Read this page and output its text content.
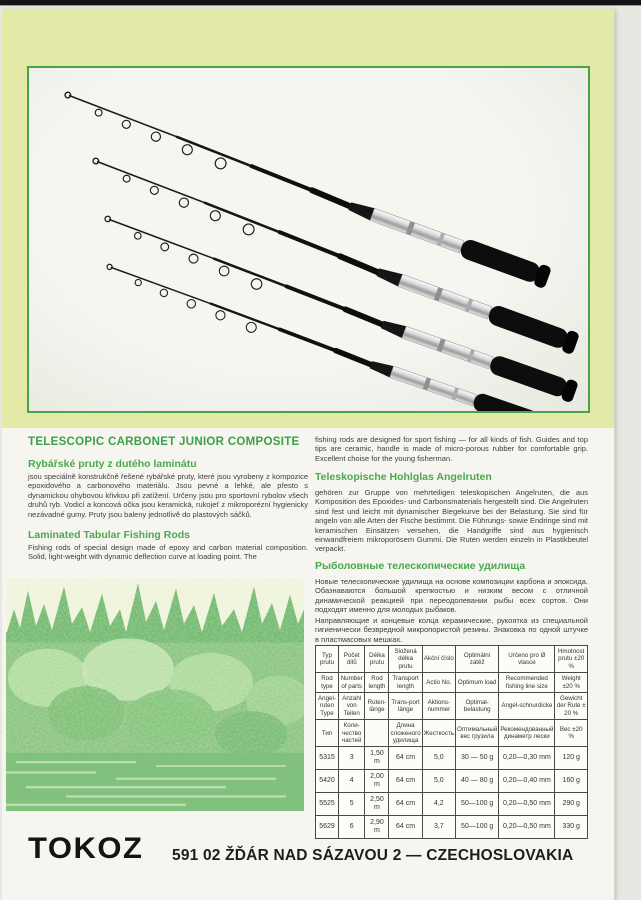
TELESCOPIC CARBONET JUNIOR COMPOSITE
Rybářské pruty z dutého laminátu

jsou speciálně konstrukčně řešené rybářské pruty, které jsou vyrobeny z kompozice epoxidového a carbonového materiálu. Jsou pevné a lehké, ale přesto s dynamickou ohybovou křivkou při zatížení. Určeny jsou pro sportovní rybolov všech druhů ryb. Vodicí a koncová očka jsou keramická, rukojeť z mikroporézní hygienicky nezávadné gumy. Pruty jsou baleny jednotlivě do plastových sáčků.

Laminated Tabular Fishing Rods

Fishing rods of special design made of epoxy and carbon material composition. Solid, light-weight with dynamic deflection curve at loading point. The

fishing rods are designed for sport fishing — for all kinds of fish. Guides and top tips are ceramic, handle is made of micro-porous rubber for comfortable grip. Excellent choise for the young fisherman.

Teleskopische Hohlglas Angelruten

gehören zur Gruppe von mehrteiligen teleskopischen Angelruten, die aus Komposition des Epoxides- und Carbonsmaterials hergestellt sind. Die Angelruten sind fest und leicht mit dynamischer Biegekurve bei der Belastung. Sie sind für angeln von alle Arten der Fische bestimmt. Die Führungs- sowie Endringe sind mit keramischen Einsätzen versehen, die Handgriffe sind aus hygienisch einwandfreiem mikroporösem Gummi. Die Ruten werden einzeln in Plastikbeutel verpackt.

Рыболовные телескопические удилища

Новые телескопические удилища на основе композиции карбона и эпоксида. Обазнаваются большой крепкостью и низким весом с отличной динамической реакцией при переодолевании рыбы всех сортов. Они подходят именно для молодых рыбаков.

Направляющие и концевые колца керамические, рукоятка из специальной гигиенически безвредной микропористой резины. Знаковка по одной штучке в пластмасовых мешках.

Typ prutu	Počet dílů	Délka prutu	Složená délka prutu	Akční číslo	Optimální zátěž	Určeno pro Ø vlasce	Hmotnost prutu ±20 %
Rod type	Number of parts	Rod length	Transport length	Actio No.	Optimum load	Recommended fishing line size	Weight ±20 %
Angel-ruten Type	Anzahl von Teilen	Ruten-länge	Trans-port länge	Aktions-nummer	Optimal-belastung	Angel-schnurdicke	Gewicht der Rute ± 20 %
Тип	Коли-чество частей		Длина сложеного удилища	Жесткость	Оптимальный вес грузила	Рекомендованный динаметр лески	Вес ±20 %
5315	3	1,50 m	64 cm	5,0	30 — 50 g	0,20—0,30 mm	120 g
5420	4	2,00 m	64 cm	5,0	40 — 80 g	0,20—0,40 mm	160 g
5525	5	2,50 m	64 cm	4,2	50—100 g	0,20—0,50 mm	290 g
5629	6	2,90 m	64 cm	3,7	50—100 g	0,20—0,50 mm	330 g
TOKOZ 591 02 ŽĎÁR NAD SÁZAVOU 2 — CZECHOSLOVAKIA
